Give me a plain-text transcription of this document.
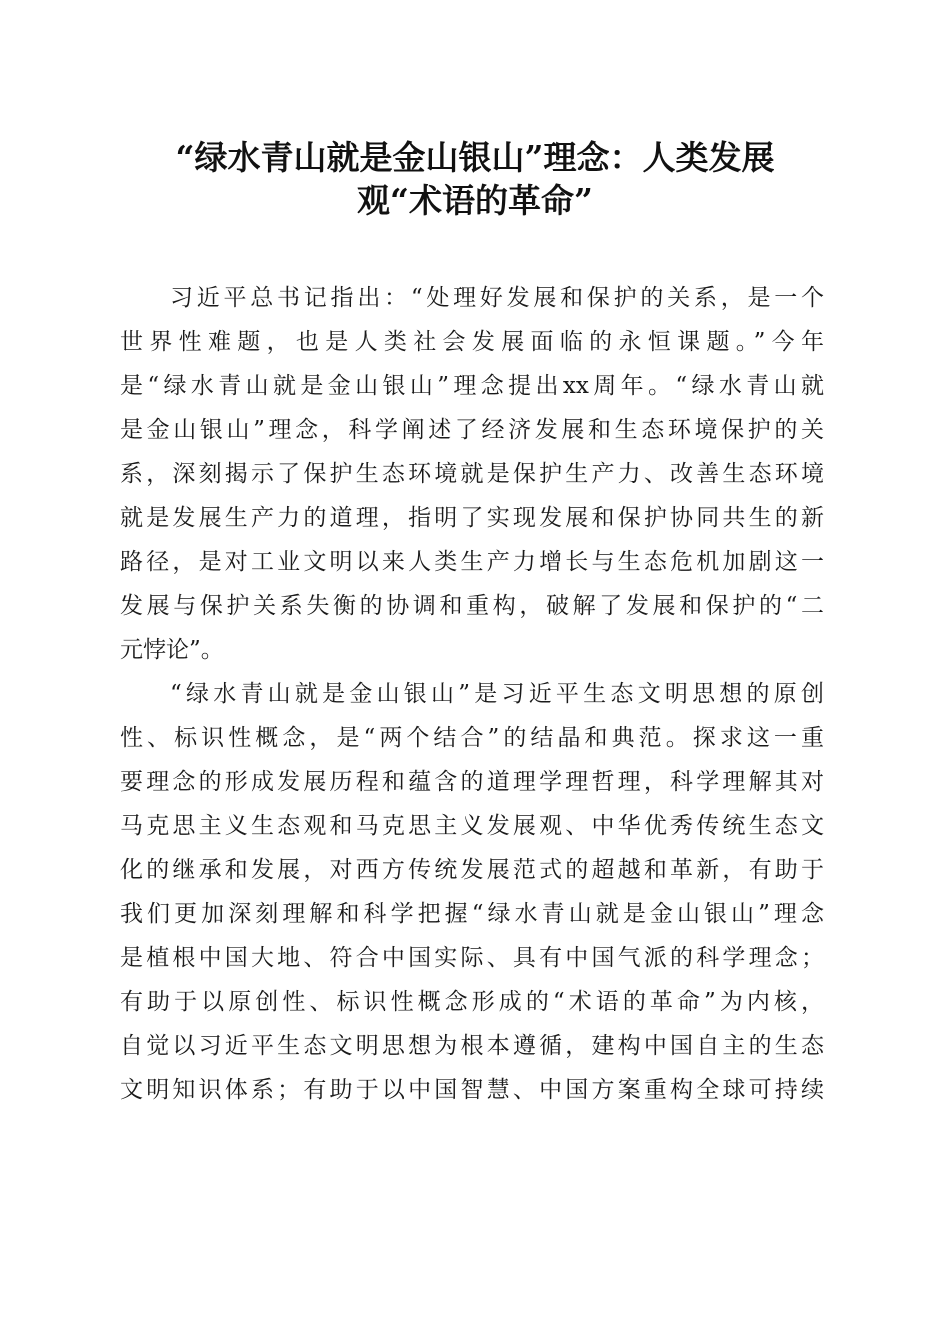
“绿水青山就是金山银山”理念：人类发展
观“术语的革命”
习近平总书记指出：“处理好发展和保护的关系，是一个
世界性难题，也是人类社会发展面临的永恒课题。”今年
是“绿水青山就是金山银山”理念提出xx周年。“绿水青山就
是金山银山”理念，科学阐述了经济发展和生态环境保护的关
系，深刻揭示了保护生态环境就是保护生产力、改善生态环境
就是发展生产力的道理，指明了实现发展和保护协同共生的新
路径，是对工业文明以来人类生产力增长与生态危机加剧这一
发展与保护关系失衡的协调和重构，破解了发展和保护的“二
元悖论”。
“绿水青山就是金山银山”是习近平生态文明思想的原创
性、标识性概念，是“两个结合”的结晶和典范。探求这一重
要理念的形成发展历程和蕴含的道理学理哲理，科学理解其对
马克思主义生态观和马克思主义发展观、中华优秀传统生态文
化的继承和发展，对西方传统发展范式的超越和革新，有助于
我们更加深刻理解和科学把握“绿水青山就是金山银山”理念
是植根中国大地、符合中国实际、具有中国气派的科学理念；
有助于以原创性、标识性概念形成的“术语的革命”为内核，
自觉以习近平生态文明思想为根本遵循，建构中国自主的生态
文明知识体系；有助于以中国智慧、中国方案重构全球可持续
